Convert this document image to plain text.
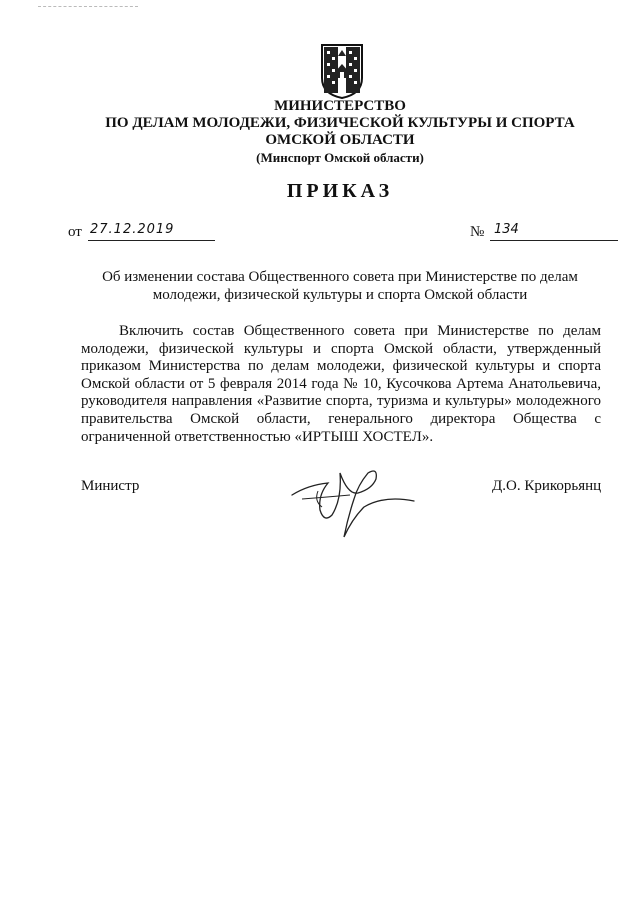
МИНИСТЕРСТВО
ПО ДЕЛАМ МОЛОДЕЖИ, ФИЗИЧЕСКОЙ КУЛЬТУРЫ И СПОРТА
ОМСКОЙ ОБЛАСТИ
(Минспорт Омской области)
ПРИКАЗ
от 27.12.2019	№ 134
Об изменении состава Общественного совета при Министерстве по делам
молодежи, физической культуры и спорта Омской области
Включить состав Общественного совета при Министерстве по делам молодежи, физической культуры и спорта Омской области, утвержденный приказом Министерства по делам молодежи, физической культуры и спорта Омской области от 5 февраля 2014 года № 10, Кусочкова Артема Анатольевича, руководителя направления «Развитие спорта, туризма и культуры» молодежного правительства Омской области, генерального директора Общества с ограниченной ответственностью «ИРТЫШ ХОСТЕЛ».
Министр	Д.О. Крикорьянц
